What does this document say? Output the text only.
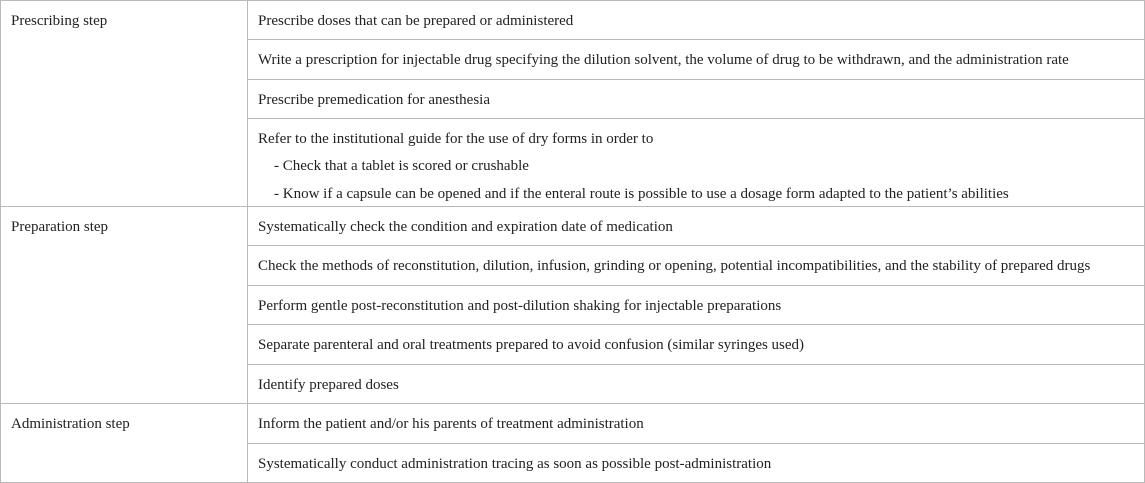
Prescribing step	Prescribe doses that can be prepared or administered

	Write a prescription for injectable drug specifying the dilution solvent, the volume of drug to be withdrawn, and the administration rate

	Prescribe premedication for anesthesia

	Refer to the institutional guide for the use of dry forms in order to
- Check that a tablet is scored or crushable
- Know if a capsule can be opened and if the enteral route is possible to use a dosage form adapted to the patient’s abilities

Preparation step	Systematically check the condition and expiration date of medication

	Check the methods of reconstitution, dilution, infusion, grinding or opening, potential incompatibilities, and the stability of prepared drugs

	Perform gentle post-reconstitution and post-dilution shaking for injectable preparations

	Separate parenteral and oral treatments prepared to avoid confusion (similar syringes used)

	Identify prepared doses

Administration step	Inform the patient and/or his parents of treatment administration

	Systematically conduct administration tracing as soon as possible post-administration
